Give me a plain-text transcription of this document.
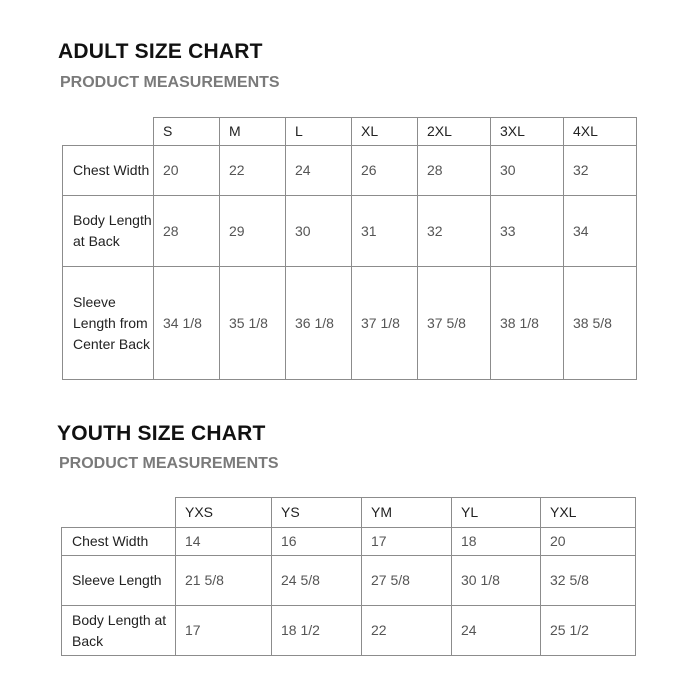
ADULT SIZE CHART
PRODUCT MEASUREMENTS
	S	M	L	XL	2XL	3XL	4XL
Chest Width	20	22	24	26	28	30	32
Body Length at Back	28	29	30	31	32	33	34
Sleeve Length from Center Back	34 1/8	35 1/8	36 1/8	37 1/8	37 5/8	38 1/8	38 5/8
YOUTH SIZE CHART
PRODUCT MEASUREMENTS
	YXS	YS	YM	YL	YXL
Chest Width	14	16	17	18	20
Sleeve Length	21 5/8	24 5/8	27 5/8	30 1/8	32 5/8
Body Length at Back	17	18 1/2	22	24	25 1/2
